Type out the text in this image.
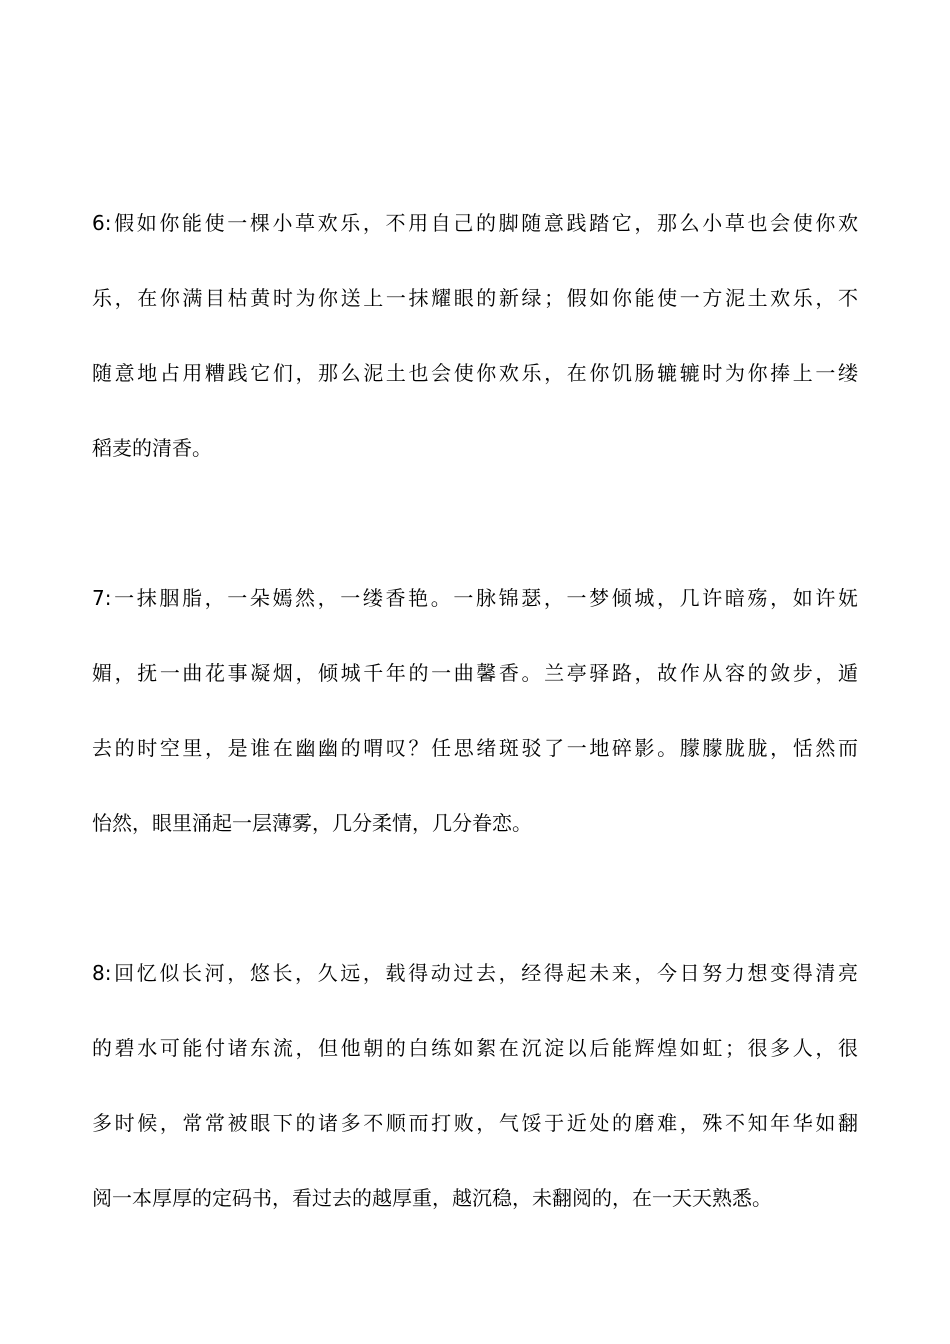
6:假如你能使一棵小草欢乐，不用自己的脚随意践踏它，那么小草也会使你欢
乐，在你满目枯黄时为你送上一抹耀眼的新绿；假如你能使一方泥土欢乐，不
随意地占用糟践它们，那么泥土也会使你欢乐，在你饥肠辘辘时为你捧上一缕
稻麦的清香。
7:一抹胭脂，一朵嫣然，一缕香艳。一脉锦瑟，一梦倾城，几许暗殇，如许妩
媚，抚一曲花事凝烟，倾城千年的一曲馨香。兰亭驿路，故作从容的敛步，遁
去的时空里，是谁在幽幽的喟叹？任思绪斑驳了一地碎影。朦朦胧胧，恬然而
怡然，眼里涌起一层薄雾，几分柔情，几分眷恋。
8:回忆似长河，悠长，久远，载得动过去，经得起未来，今日努力想变得清亮
的碧水可能付诸东流，但他朝的白练如絮在沉淀以后能辉煌如虹；很多人，很
多时候，常常被眼下的诸多不顺而打败，气馁于近处的磨难，殊不知年华如翻
阅一本厚厚的定码书，看过去的越厚重，越沉稳，未翻阅的，在一天天熟悉。
